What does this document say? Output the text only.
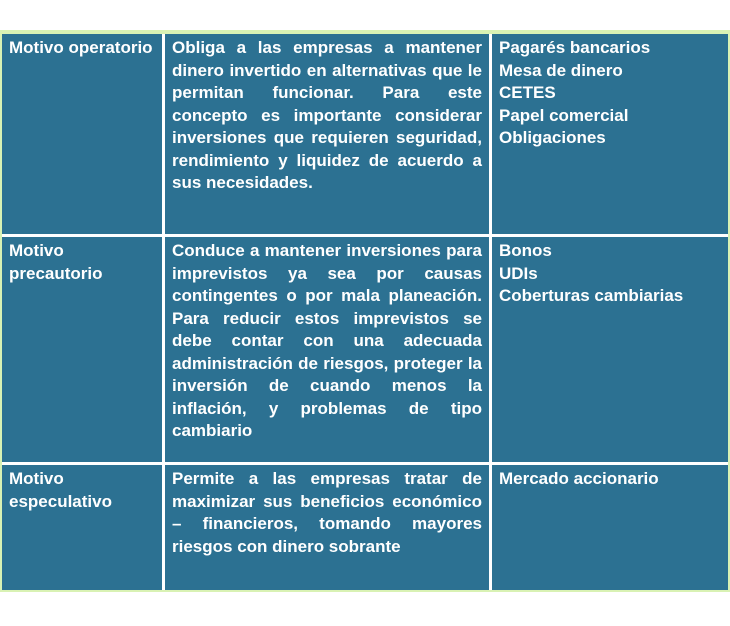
Motivo operatorio	Obliga a las empresas a mantener dinero invertido en alternativas que le permitan funcionar. Para este concepto es importante considerar inversiones que requieren seguridad, rendimiento y liquidez de acuerdo a sus necesidades.
Pagarés bancarios
Mesa de dinero
CETES
Papel comercial
Obligaciones
Motivo precautorio
Conduce a mantener inversiones para imprevistos ya sea por causas contingentes o por mala planeación. Para reducir estos imprevistos se debe contar con una adecuada administración de riesgos, proteger la inversión de cuando menos la inflación, y problemas de tipo cambiario
Bonos
UDIs
Coberturas cambiarias
Motivo especulativo
Permite a las empresas tratar de maximizar sus beneficios económico – financieros, tomando mayores riesgos con dinero sobrante
Mercado accionario
